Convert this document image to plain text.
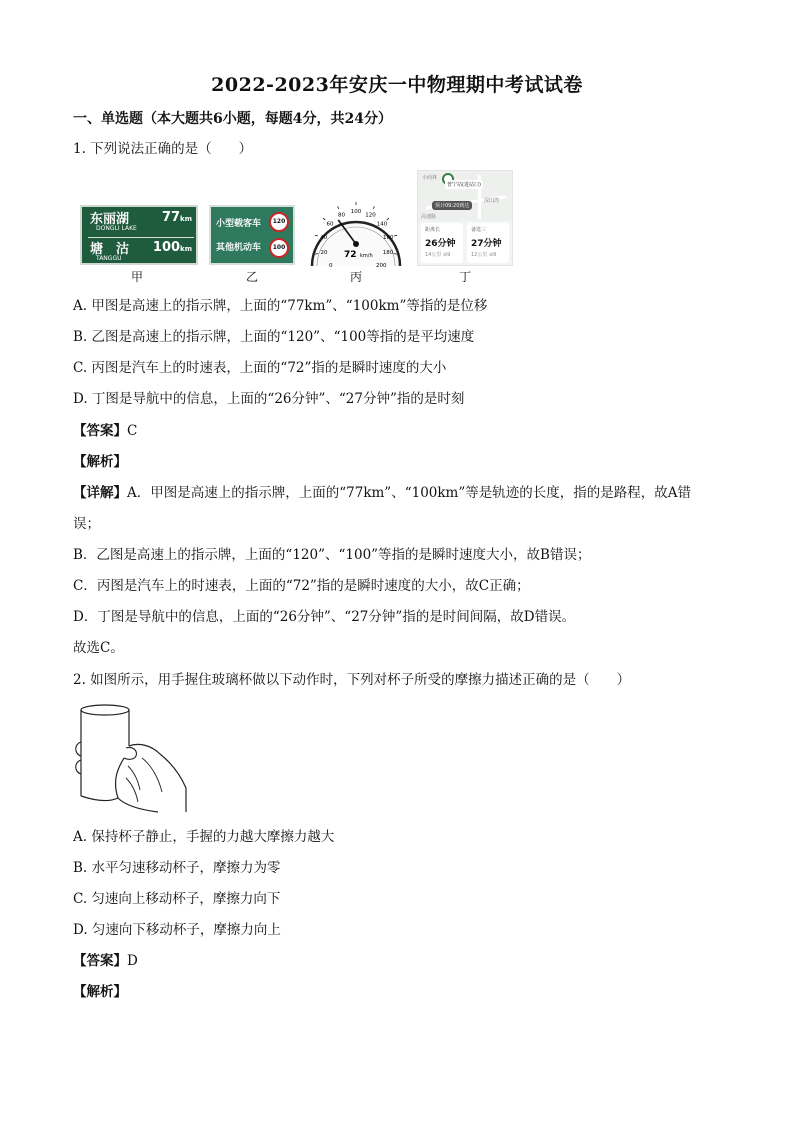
2022-2023年安庆一中物理期中考试试卷
一、单选题（本大题共6小题，每题4分，共24分）
1. 下列说法正确的是（　　）
东丽湖
DONGLI LAKE
77km
塘　沽
TANGGU
100km
甲
小型载客车	120
其他机动车	100
乙
0
20
40
60
80
100
120
140
160
180
200
72 km/h
丙
小商林
普宁站(进站口)
高速路
深田湾
预计09:20到达
距离长
26分钟
14公里 ⊖9
备选三
27分钟
12公里 ⊖9
丁
A. 甲图是高速上的指示牌，上面的“77km”、“100km”等指的是位移
B. 乙图是高速上的指示牌，上面的“120”、“100等指的是平均速度
C. 丙图是汽车上的时速表，上面的“72”指的是瞬时速度的大小
D. 丁图是导航中的信息，上面的“26分钟”、“27分钟”指的是时刻
【答案】C
【解析】
【详解】A．甲图是高速上的指示牌，上面的“77km”、“100km”等是轨迹的长度，指的是路程，故A错
误；
B．乙图是高速上的指示牌，上面的“120”、“100”等指的是瞬时速度大小，故B错误；
C．丙图是汽车上的时速表，上面的“72”指的是瞬时速度的大小，故C正确；
D．丁图是导航中的信息，上面的“26分钟”、“27分钟”指的是时间间隔，故D错误。
故选C。
2. 如图所示，用手握住玻璃杯做以下动作时，下列对杯子所受的摩擦力描述正确的是（　　）
A. 保持杯子静止，手握的力越大摩擦力越大
B. 水平匀速移动杯子，摩擦力为零
C. 匀速向上移动杯子，摩擦力向下
D. 匀速向下移动杯子，摩擦力向上
【答案】D
【解析】
